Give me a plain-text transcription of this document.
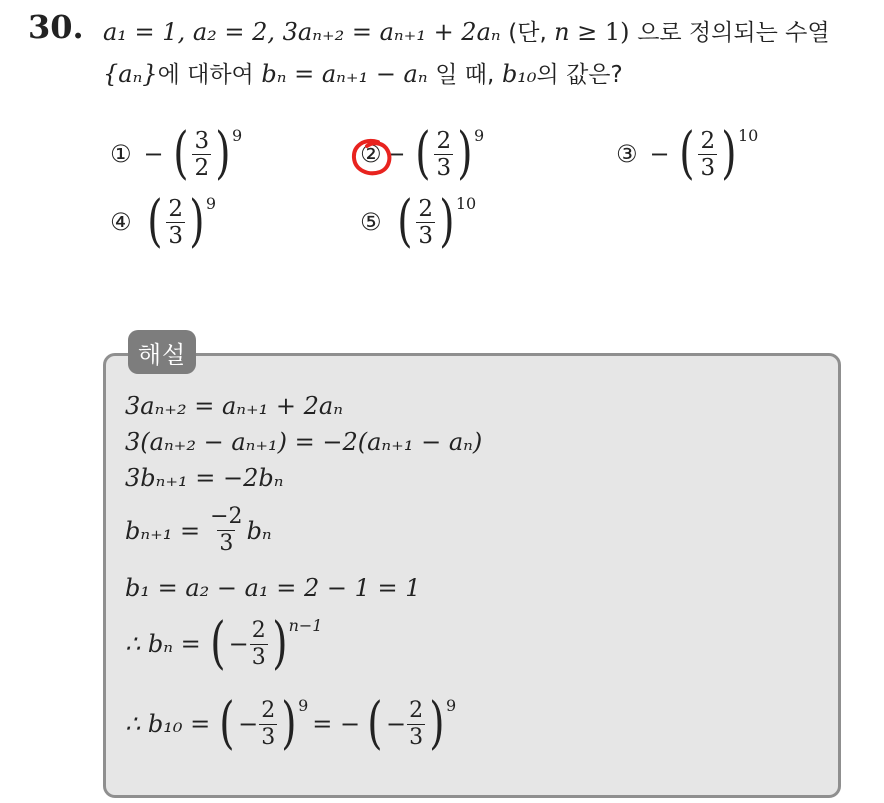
30. a₁ = 1, a₂ = 2, 3aₙ₊₂ = aₙ₊₁ + 2aₙ (단, n ≥ 1) 으로 정의되는 수열
{aₙ}에 대하여 bₙ = aₙ₊₁ − aₙ 일 때, b₁₀의 값은?
① − ( $\frac{3}{2}$ ) 9
② − ( $\frac{2}{3}$ ) 9
③ − ( $\frac{2}{3}$ ) 10
④ ( $\frac{2}{3}$ ) 9
⑤ ( $\frac{2}{3}$ ) 10
해설
3aₙ₊₂ = aₙ₊₁ + 2aₙ
3(aₙ₊₂ − aₙ₊₁) = −2(aₙ₊₁ − aₙ)
3bₙ₊₁ = −2bₙ
$b_{n+1} = \frac{-2}{3}$ bₙ
b₁ = a₂ − a₁ = 2 − 1 = 1
∴ bₙ = ( − $\frac{2}{3}$ ) n−1
∴ b₁₀ = ( − $\frac{2}{3}$ ) 9
= − ( − $\frac{2}{3}$ ) 9
